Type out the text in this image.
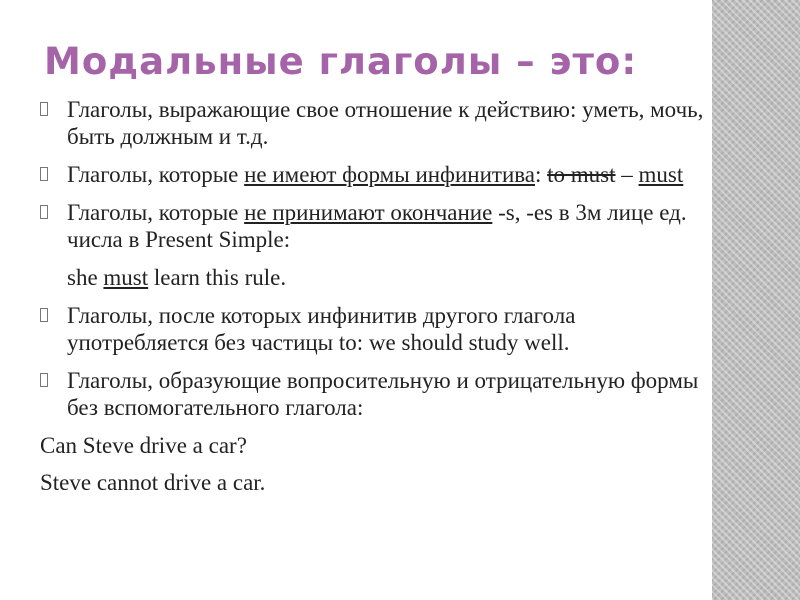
Модальные глаголы – это:
Глаголы, выражающие свое отношение к действию: уметь, мочь, быть должным и т.д.
Глаголы, которые не имеют формы инфинитива: to must – must
Глаголы, которые не принимают окончание -s, -es в 3м лице ед. числа в Present Simple:
she must learn this rule.
Глаголы, после которых инфинитив другого глагола употребляется без частицы to: we should study well.
Глаголы, образующие вопросительную и отрицательную формы без вспомогательного глагола:
Can Steve drive a car?
Steve cannot drive a car.
